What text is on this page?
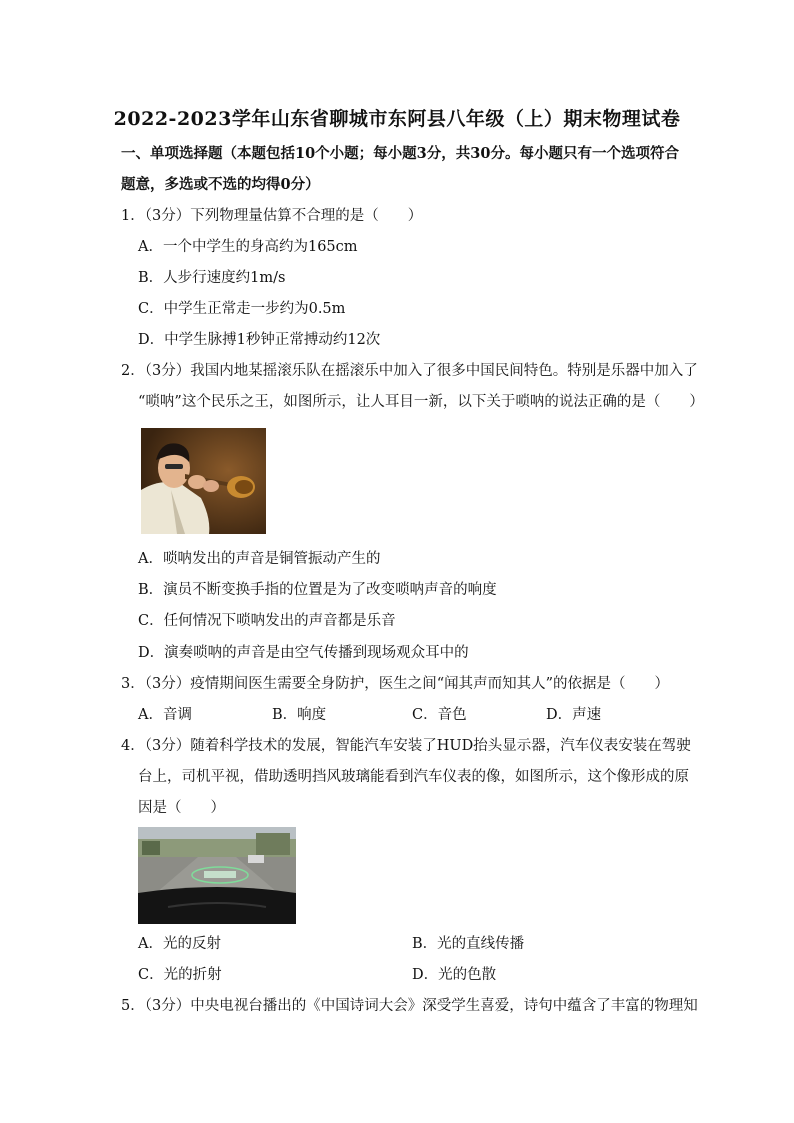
2022-2023学年山东省聊城市东阿县八年级（上）期末物理试卷
一、单项选择题（本题包括10个小题；每小题3分，共30分。每小题只有一个选项符合
题意，多选或不选的均得0分）
1．（3分）下列物理量估算不合理的是（　　）
A．一个中学生的身高约为165cm
B．人步行速度约1m/s
C．中学生正常走一步约为0.5m
D．中学生脉搏1秒钟正常搏动约12次
2．（3分）我国内地某摇滚乐队在摇滚乐中加入了很多中国民间特色。特别是乐器中加入了
“唢呐”这个民乐之王，如图所示，让人耳目一新，以下关于唢呐的说法正确的是（　　）
A．唢呐发出的声音是铜管振动产生的
B．演员不断变换手指的位置是为了改变唢呐声音的响度
C．任何情况下唢呐发出的声音都是乐音
D．演奏唢呐的声音是由空气传播到现场观众耳中的
3．（3分）疫情期间医生需要全身防护，医生之间“闻其声而知其人”的依据是（　　）
A．音调	B．响度	C．音色	D．声速
4．（3分）随着科学技术的发展，智能汽车安装了HUD抬头显示器，汽车仪表安装在驾驶
台上，司机平视，借助透明挡风玻璃能看到汽车仪表的像，如图所示，这个像形成的原
因是（　　）
A．光的反射	B．光的直线传播
C．光的折射	D．光的色散
5．（3分）中央电视台播出的《中国诗词大会》深受学生喜爱，诗句中蕴含了丰富的物理知
